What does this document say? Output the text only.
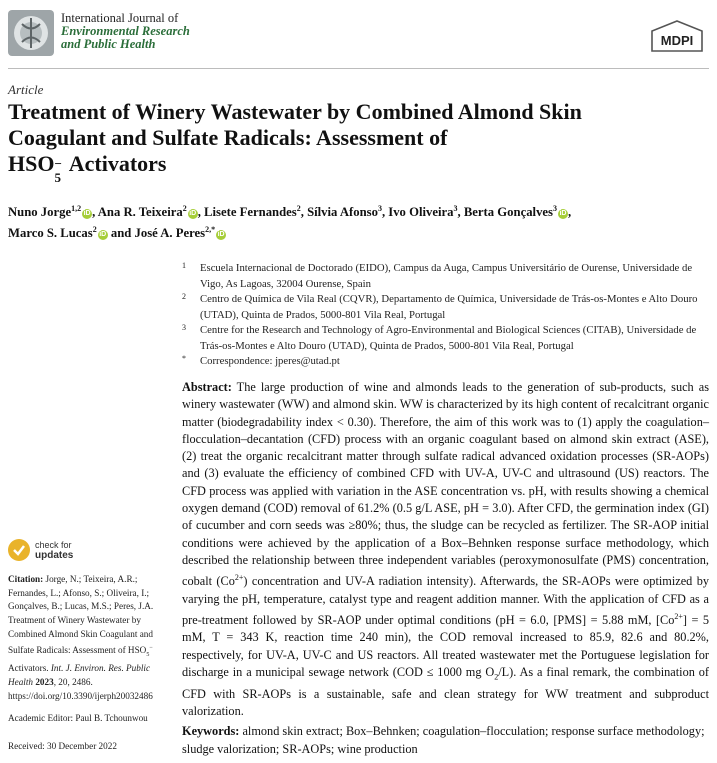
International Journal of
Environmental Research
and Public Health	MDPI
Article
Treatment of Winery Wastewater by Combined Almond Skin
Coagulant and Sulfate Radicals: Assessment of
HSO −
5
Activators
Nuno Jorge$^{1,2}$iD , Ana R. Teixeira$^2$iD , Lisete Fernandes$^2$, Sílvia Afonso$^3$, Ivo Oliveira$^3$, Berta Gonçalves$^3$iD ,
Marco S. Lucas$^2$iD and José A. Peres$^{2,*}$iD
1 Escuela Internacional de Doctorado (EIDO), Campus da Auga, Campus Universitário de Ourense, Universidade de Vigo, As Lagoas, 32004 Ourense, Spain
2 Centro de Química de Vila Real (CQVR), Departamento de Química, Universidade de Trás-os-Montes e Alto Douro (UTAD), Quinta de Prados, 5000-801 Vila Real, Portugal
3 Centre for the Research and Technology of Agro-Environmental and Biological Sciences (CITAB), Universidade de Trás-os-Montes e Alto Douro (UTAD), Quinta de Prados, 5000-801 Vila Real, Portugal
* Correspondence: jperes@utad.pt
Abstract: The large production of wine and almonds leads to the generation of sub-products, such as winery wastewater (WW) and almond skin. WW is characterized by its high content of recalcitrant organic matter (biodegradability index < 0.30). Therefore, the aim of this work was to (1) apply the coagulation–flocculation–decantation (CFD) process with an organic coagulant based on almond skin extract (ASE), (2) treat the organic recalcitrant matter through sulfate radical advanced oxidation processes (SR-AOPs) and (3) evaluate the efficiency of combined CFD with UV-A, UV-C and ultrasound (US) reactors. The CFD process was applied with variation in the ASE concentration vs. pH, with results showing a chemical oxygen demand (COD) removal of 61.2% (0.5 g/L ASE, pH = 3.0). After CFD, the germination index (GI) of cucumber and corn seeds was ≥80%; thus, the sludge can be recycled as fertilizer. The SR-AOP initial conditions were achieved by the application of a Box–Behnken response surface methodology, which described the relationship between three independent variables (peroxymonosulfate (PMS) concentration, cobalt $(Co^{2+})$ concentration and UV-A radiation intensity). Afterwards, the SR-AOPs were optimized by varying the pH, temperature, catalyst type and reagent addition manner. With the application of CFD as a pre-treatment followed by SR-AOP under optimal conditions (pH = 6.0, [PMS] = 5.88 mM, $[Co^{2+}] = 5$ mM, T = 343 K, reaction time 240 min), the COD removal increased to 85.9, 82.6 and 80.2%, respectively, for UV-A, UV-C and US reactors. All treated wastewater met the Portuguese legislation for discharge in a municipal sewage network (COD ≤ 1000 mg $O_2/L$). As a final remark, the combination of CFD with SR-AOPs is a sustainable, safe and clean strategy for WW treatment and subproduct valorization.
Keywords: almond skin extract; Box–Behnken; coagulation–flocculation; response surface methodology; sludge valorization; SR-AOPs; wine production
check for
updates
Citation: Jorge, N.; Teixeira, A.R.; Fernandes, L.; Afonso, S.; Oliveira, I.; Gonçalves, B.; Lucas, M.S.; Peres, J.A. Treatment of Winery Wastewater by Combined Almond Skin Coagulant and Sulfate Radicals: Assessment of $HSO_5^-$ Activators. Int. J. Environ. Res. Public Health 2023, 20, 2486. https://doi.org/10.3390/ijerph20032486
Academic Editor: Paul B. Tchounwou
Received: 30 December 2022
